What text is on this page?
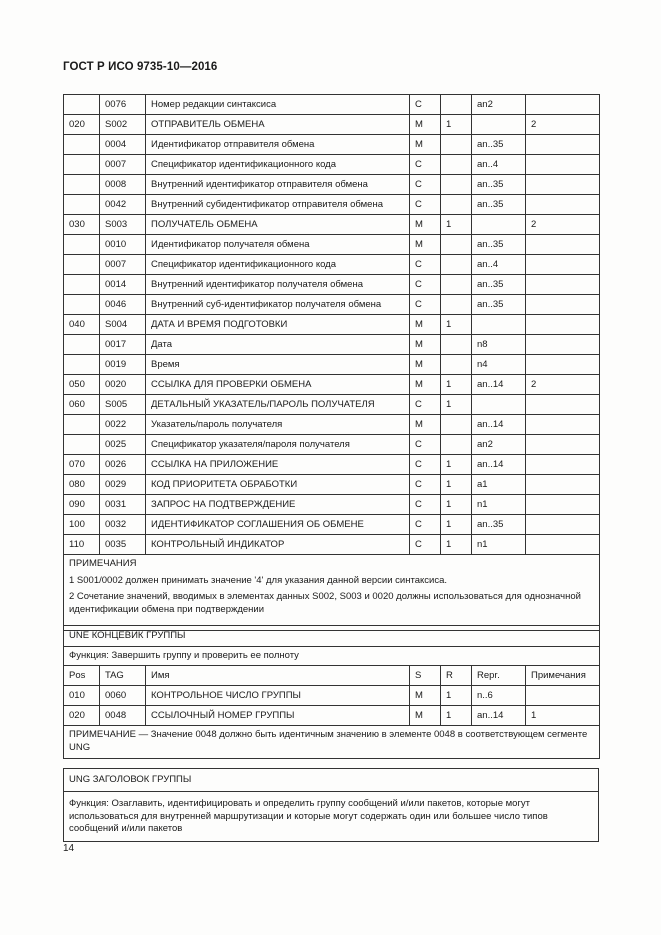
ГОСТ Р ИСО 9735-10—2016
	0076	Номер редакции синтаксиса	C		an2	
020	S002	ОТПРАВИТЕЛЬ ОБМЕНА	M	1		2
	0004	Идентификатор отправителя обмена	M		an..35	
	0007	Спецификатор идентификационного кода	C		an..4	
	0008	Внутренний идентификатор отправителя обмена	C		an..35	
	0042	Внутренний субидентификатор отправителя обмена	C		an..35	
030	S003	ПОЛУЧАТЕЛЬ ОБМЕНА	M	1		2
	0010	Идентификатор получателя обмена	M		an..35	
	0007	Спецификатор идентификационного кода	C		an..4	
	0014	Внутренний идентификатор получателя обмена	C		an..35	
	0046	Внутренний суб-идентификатор получателя обмена	C		an..35	
040	S004	ДАТА И ВРЕМЯ ПОДГОТОВКИ	M	1		
	0017	Дата	M		n8	
	0019	Время	M		n4	
050	0020	ССЫЛКА ДЛЯ ПРОВЕРКИ ОБМЕНА	M	1	an..14	2
060	S005	ДЕТАЛЬНЫЙ УКАЗАТЕЛЬ/ПАРОЛЬ ПОЛУЧАТЕЛЯ	C	1		
	0022	Указатель/пароль получателя	M		an..14	
	0025	Спецификатор указателя/пароля получателя	C		an2	
070	0026	ССЫЛКА НА ПРИЛОЖЕНИЕ	C	1	an..14	
080	0029	КОД ПРИОРИТЕТА ОБРАБОТКИ	C	1	a1	
090	0031	ЗАПРОС НА ПОДТВЕРЖДЕНИЕ	C	1	n1	
100	0032	ИДЕНТИФИКАТОР СОГЛАШЕНИЯ ОБ ОБМЕНЕ	C	1	an..35	
110	0035	КОНТРОЛЬНЫЙ ИНДИКАТОР	C	1	n1	

ПРИМЕЧАНИЯ
1 S001/0002 должен принимать значение '4' для указания данной версии синтаксиса.
2 Сочетание значений, вводимых в элементах данных S002, S003 и 0020 должны использоваться для однозначной идентификации обмена при подтверждении						
UNE КОНЦЕВИК ГРУППЫ						
Функция: Завершить группу и проверить ее полноту						
Pos	TAG	Имя	S	R	Repr.	Примечания
010	0060	КОНТРОЛЬНОЕ ЧИСЛО ГРУППЫ	M	1	n..6	
020	0048	ССЫЛОЧНЫЙ НОМЕР ГРУППЫ	M	1	an..14	1
ПРИМЕЧАНИЕ — Значение 0048 должно быть идентичным значению в элементе 0048 в соответствующем сегменте UNG						
UNG ЗАГОЛОВОК ГРУППЫ
Функция: Озаглавить, идентифицировать и определить группу сообщений и/или пакетов, которые могут использоваться для внутренней маршрутизации и которые могут содержать один или большее число типов сообщений и/или пакетов
14
